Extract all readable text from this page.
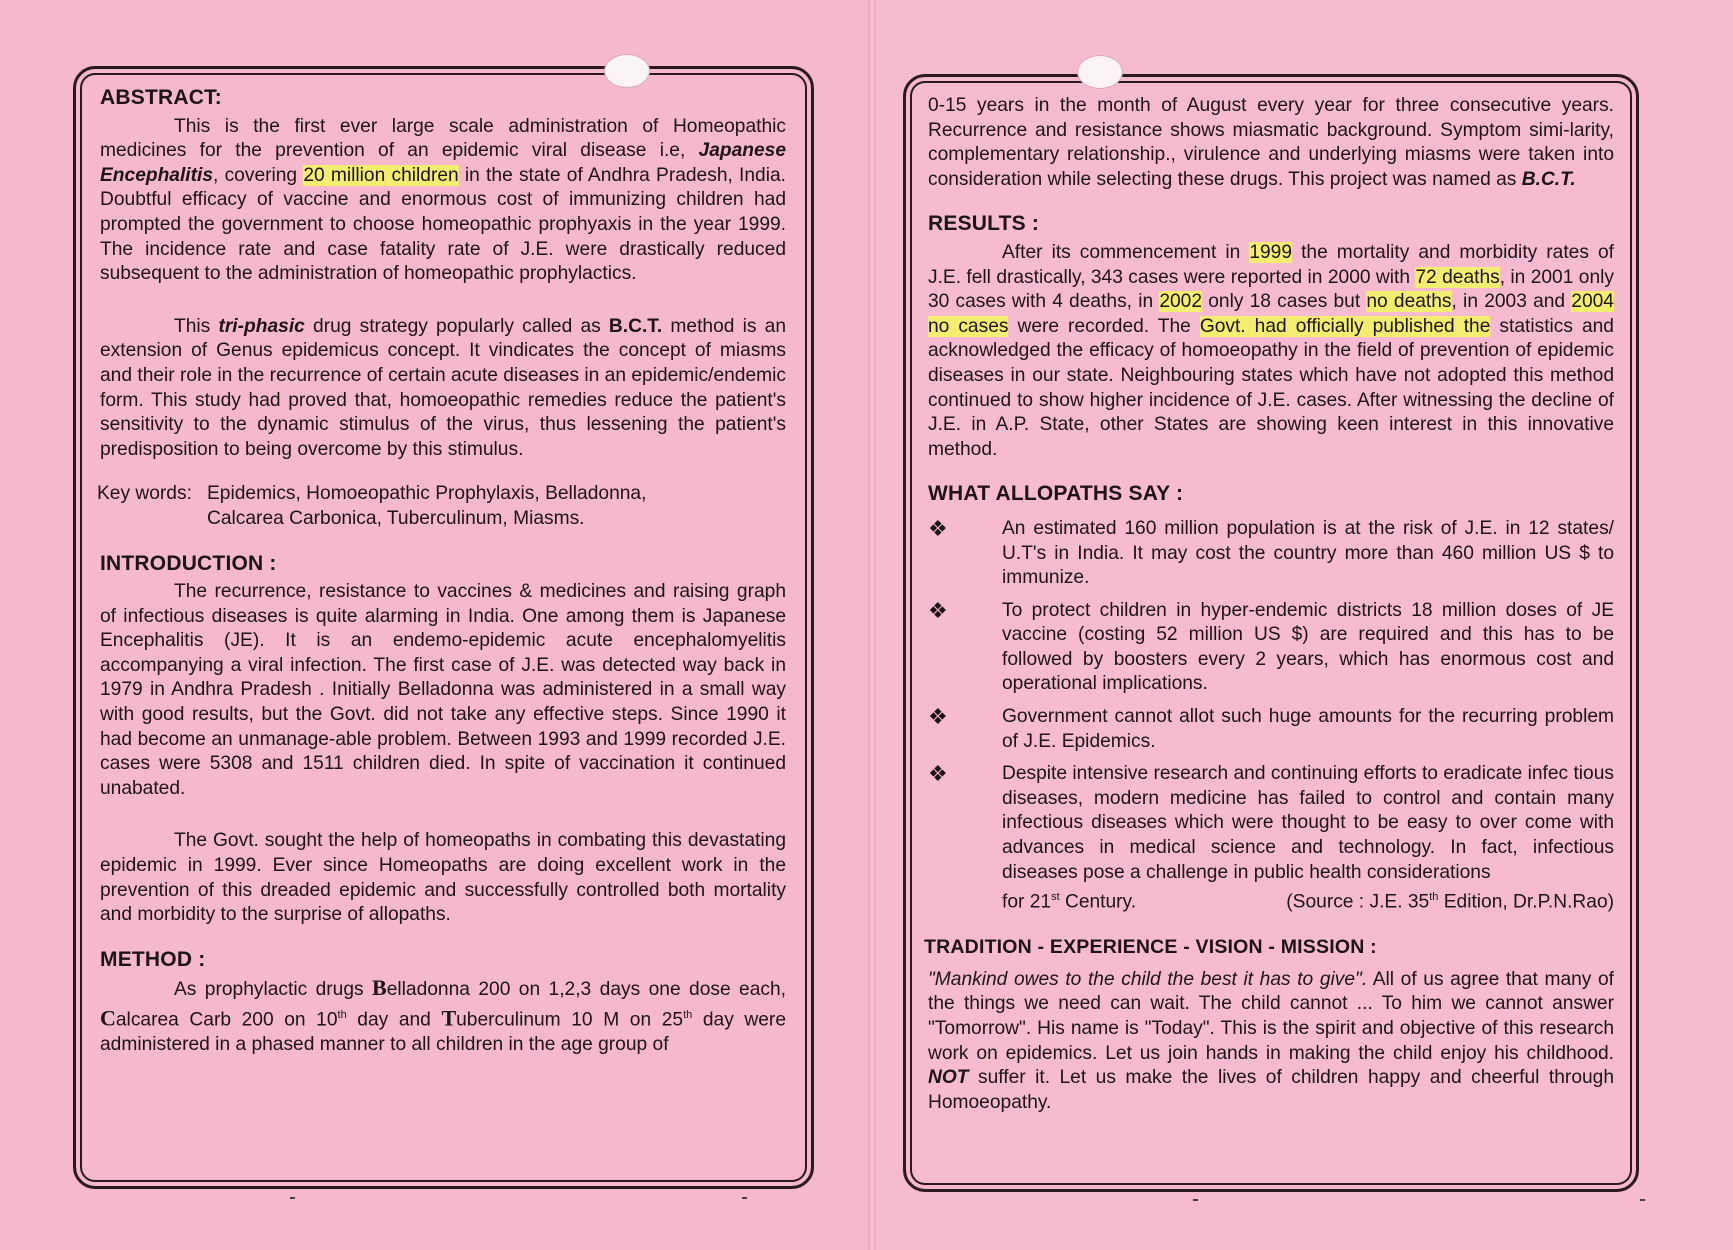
ABSTRACT:

This is the first ever large scale administration of Homeopathic medicines for the prevention of an epidemic viral disease i.e, Japanese Encephalitis, covering 20 million children in the state of Andhra Pradesh, India. Doubtful efficacy of vaccine and enormous cost of immunizing children had prompted the government to choose homeopathic prophyaxis in the year 1999. The incidence rate and case fatality rate of J.E. were drastically reduced subsequent to the administration of homeopathic prophylactics.

This tri-phasic drug strategy popularly called as B.C.T. method is an extension of Genus epidemicus concept. It vindicates the concept of miasms and their role in the recurrence of certain acute diseases in an epidemic/endemic form. This study had proved that, homoeopathic remedies reduce the patient's sensitivity to the dynamic stimulus of the virus, thus lessening the patient's predisposition to being overcome by this stimulus.

Key words: Epidemics, Homoeopathic Prophylaxis, Belladonna,
Calcarea Carbonica, Tuberculinum, Miasms.
INTRODUCTION :

The recurrence, resistance to vaccines & medicines and raising graph of infectious diseases is quite alarming in India. One among them is Japanese Encephalitis (JE). It is an endemo-epidemic acute encephalomyelitis accompanying a viral infection. The first case of J.E. was detected way back in 1979 in Andhra Pradesh . Initially Belladonna was administered in a small way with good results, but the Govt. did not take any effective steps. Since 1990 it had become an unmanage-able problem. Between 1993 and 1999 recorded J.E. cases were 5308 and 1511 children died. In spite of vaccination it continued unabated.

The Govt. sought the help of homeopaths in combating this devastating epidemic in 1999. Ever since Homeopaths are doing excellent work in the prevention of this dreaded epidemic and successfully controlled both mortality and morbidity to the surprise of allopaths.

METHOD :

As prophylactic drugs Belladonna 200 on 1,2,3 days one dose each, Calcarea Carb 200 on 10th day and Tuberculinum 10 M on 25th day were administered in a phased manner to all children in the age group of

0-15 years in the month of August every year for three consecutive years. Recurrence and resistance shows miasmatic background. Symptom simi-larity, complementary relationship., virulence and underlying miasms were taken into consideration while selecting these drugs. This project was named as B.C.T.

RESULTS :

After its commencement in 1999 the mortality and morbidity rates of J.E. fell drastically, 343 cases were reported in 2000 with 72 deaths, in 2001 only 30 cases with 4 deaths, in 2002 only 18 cases but no deaths, in 2003 and 2004 no cases were recorded. The Govt. had officially published the statistics and acknowledged the efficacy of homoeopathy in the field of prevention of epidemic diseases in our state. Neighbouring states which have not adopted this method continued to show higher incidence of J.E. cases. After witnessing the decline of J.E. in A.P. State, other States are showing keen interest in this innovative method.

WHAT ALLOPATHS SAY :
❖	An estimated 160 million population is at the risk of J.E. in 12 states/ U.T's in India. It may cost the country more than 460 million US $ to immunize.
❖	To protect children in hyper-endemic districts 18 million doses of JE vaccine (costing 52 million US $) are required and this has to be followed by boosters every 2 years, which has enormous cost and operational implications.
❖	Government cannot allot such huge amounts for the recurring problem of J.E. Epidemics.
❖	Despite intensive research and continuing efforts to eradicate infec tious diseases, modern medicine has failed to control and contain many infectious diseases which were thought to be easy to over come with advances in medical science and technology. In fact, infectious diseases pose a challenge in public health considerations
for 21st Century.	(Source : J.E. 35th Edition, Dr.P.N.Rao)
TRADITION - EXPERIENCE - VISION - MISSION :

"Mankind owes to the child the best it has to give". All of us agree that many of the things we need can wait. The child cannot ... To him we cannot answer "Tomorrow". His name is "Today". This is the spirit and objective of this research work on epidemics. Let us join hands in making the child enjoy his childhood. NOT suffer it. Let us make the lives of children happy and cheerful through Homoeopathy.
